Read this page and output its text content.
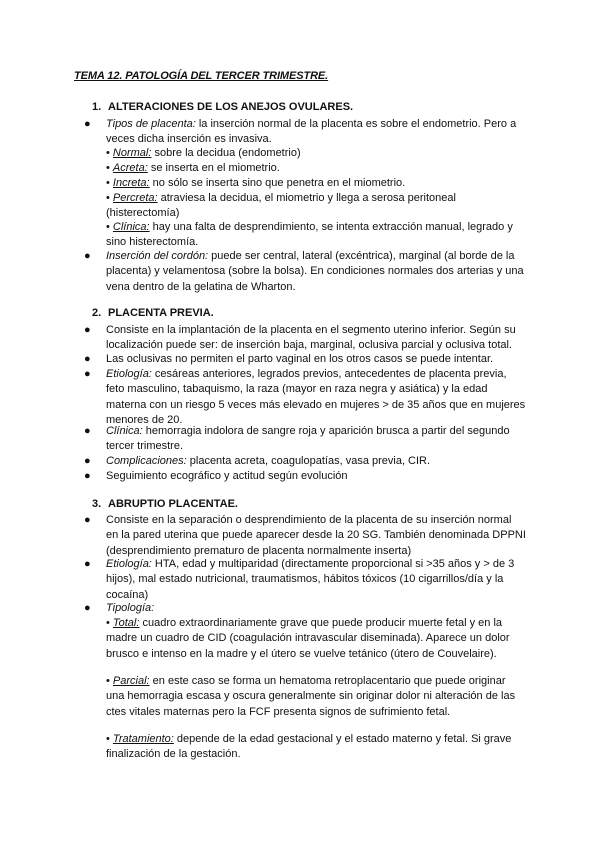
TEMA 12. PATOLOGÍA DEL TERCER TRIMESTRE.
1. ALTERACIONES DE LOS ANEJOS OVULARES.
● Tipos de placenta: la inserción normal de la placenta es sobre el endometrio. Pero a veces dicha inserción es invasiva.
• Normal: sobre la decidua (endometrio)
• Acreta: se inserta en el miometrio.
• Increta: no sólo se inserta sino que penetra en el miometrio.
• Percreta: atraviesa la decidua, el miometrio y llega a serosa peritoneal (histerectomía)
• Clínica: hay una falta de desprendimiento, se intenta extracción manual, legrado y sino histerectomía.
● Inserción del cordón: puede ser central, lateral (excéntrica), marginal (al borde de la placenta) y velamentosa (sobre la bolsa). En condiciones normales dos arterias y una vena dentro de la gelatina de Wharton.
2. PLACENTA PREVIA.
● Consiste en la implantación de la placenta en el segmento uterino inferior. Según su localización puede ser: de inserción baja, marginal, oclusiva parcial y oclusiva total.
● Las oclusivas no permiten el parto vaginal en los otros casos se puede intentar.
● Etiología: cesáreas anteriores, legrados previos, antecedentes de placenta previa, feto masculino, tabaquismo, la raza (mayor en raza negra y asiática) y la edad materna con un riesgo 5 veces más elevado en mujeres > de 35 años que en mujeres menores de 20.
● Clínica: hemorragia indolora de sangre roja y aparición brusca a partir del segundo tercer trimestre.
● Complicaciones: placenta acreta, coagulopatías, vasa previa, CIR.
● Seguimiento ecográfico y actitud según evolución
3. ABRUPTIO PLACENTAE.
● Consiste en la separación o desprendimiento de la placenta de su inserción normal en la pared uterina que puede aparecer desde la 20 SG. También denominada DPPNI (desprendimiento prematuro de placenta normalmente inserta)
● Etiología: HTA, edad y multiparidad (directamente proporcional si >35 años y > de 3 hijos), mal estado nutricional, traumatismos, hábitos tóxicos (10 cigarrillos/día y la cocaína)
● Tipología:
• Total: cuadro extraordinariamente grave que puede producir muerte fetal y en la madre un cuadro de CID (coagulación intravascular diseminada). Aparece un dolor brusco e intenso en la madre y el útero se vuelve tetánico (útero de Couvelaire).
• Parcial: en este caso se forma un hematoma retroplacentario que puede originar una hemorragia escasa y oscura generalmente sin originar dolor ni alteración de las ctes vitales maternas pero la FCF presenta signos de sufrimiento fetal.
• Tratamiento: depende de la edad gestacional y el estado materno y fetal. Si grave finalización de la gestación.
